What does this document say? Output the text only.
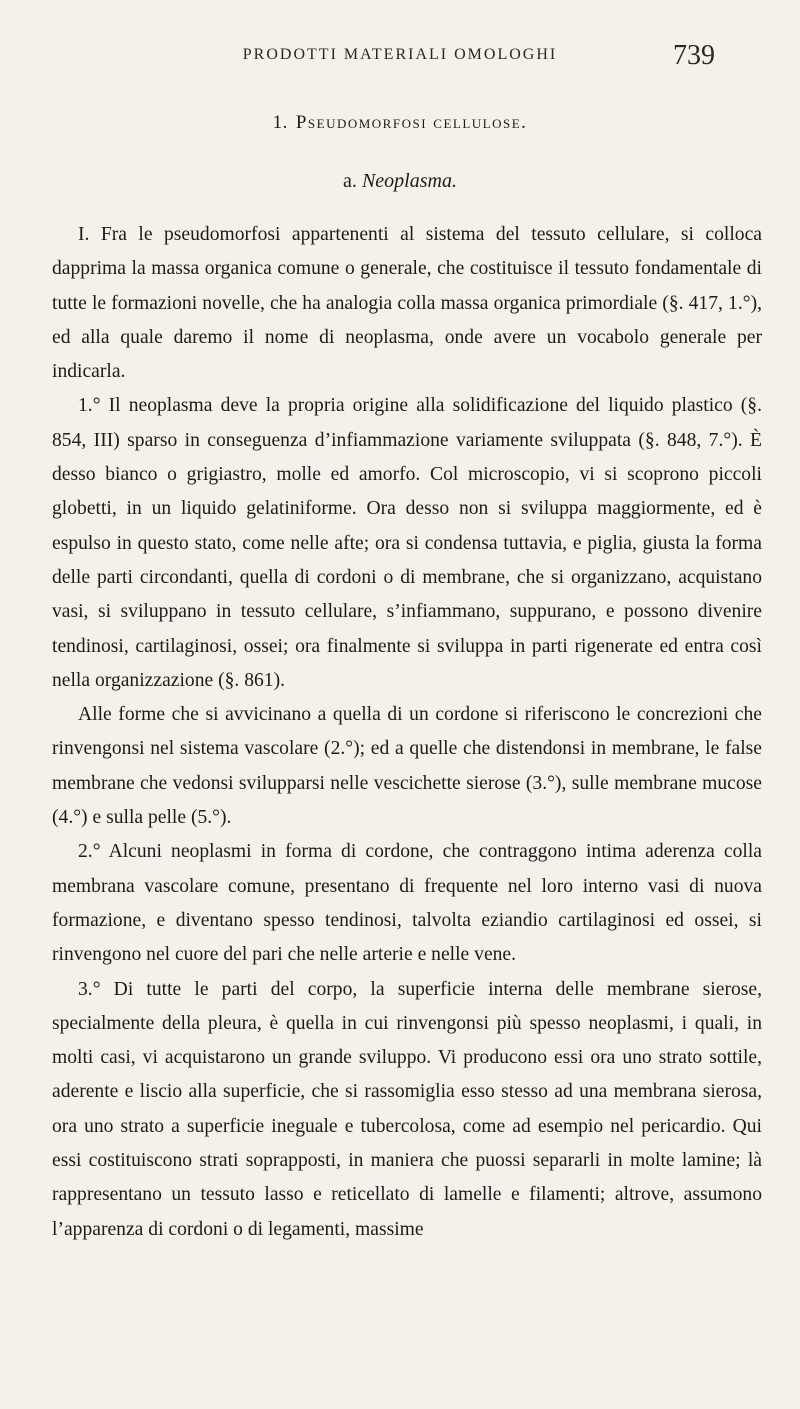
PRODOTTI MATERIALI OMOLOGHI	739
1. Pseudomorfosi cellulose.
a. Neoplasma.

I. Fra le pseudomorfosi appartenenti al sistema del tessuto cellulare, si colloca dapprima la massa organica comune o generale, che costituisce il tessuto fondamentale di tutte le formazioni novelle, che ha analogia colla massa organica primordiale (§. 417, 1.°), ed alla quale daremo il nome di neoplasma, onde avere un vocabolo generale per indicarla.

1.° Il neoplasma deve la propria origine alla solidificazione del liquido plastico (§. 854, III) sparso in conseguenza d’infiammazione variamente sviluppata (§. 848, 7.°). È desso bianco o grigiastro, molle ed amorfo. Col microscopio, vi si scoprono piccoli globetti, in un liquido gelatiniforme. Ora desso non si sviluppa maggiormente, ed è espulso in questo stato, come nelle afte; ora si condensa tuttavia, e piglia, giusta la forma delle parti circondanti, quella di cordoni o di membrane, che si organizzano, acquistano vasi, si sviluppano in tessuto cellulare, s’infiammano, suppurano, e possono divenire tendinosi, cartilaginosi, ossei; ora finalmente si sviluppa in parti rigenerate ed entra così nella organizzazione (§. 861).

Alle forme che si avvicinano a quella di un cordone si riferiscono le concrezioni che rinvengonsi nel sistema vascolare (2.°); ed a quelle che distendonsi in membrane, le false membrane che vedonsi svilupparsi nelle vescichette sierose (3.°), sulle membrane mucose (4.°) e sulla pelle (5.°).

2.° Alcuni neoplasmi in forma di cordone, che contraggono intima aderenza colla membrana vascolare comune, presentano di frequente nel loro interno vasi di nuova formazione, e diventano spesso tendinosi, talvolta eziandio cartilaginosi ed ossei, si rinvengono nel cuore del pari che nelle arterie e nelle vene.

3.° Di tutte le parti del corpo, la superficie interna delle membrane sierose, specialmente della pleura, è quella in cui rinvengonsi più spesso neoplasmi, i quali, in molti casi, vi acquistarono un grande sviluppo. Vi producono essi ora uno strato sottile, aderente e liscio alla superficie, che si rassomiglia esso stesso ad una membrana sierosa, ora uno strato a superficie ineguale e tubercolosa, come ad esempio nel pericardio. Qui essi costituiscono strati soprapposti, in maniera che puossi separarli in molte lamine; là rappresentano un tessuto lasso e reticellato di lamelle e filamenti; altrove, assumono l’apparenza di cordoni o di legamenti, massime
